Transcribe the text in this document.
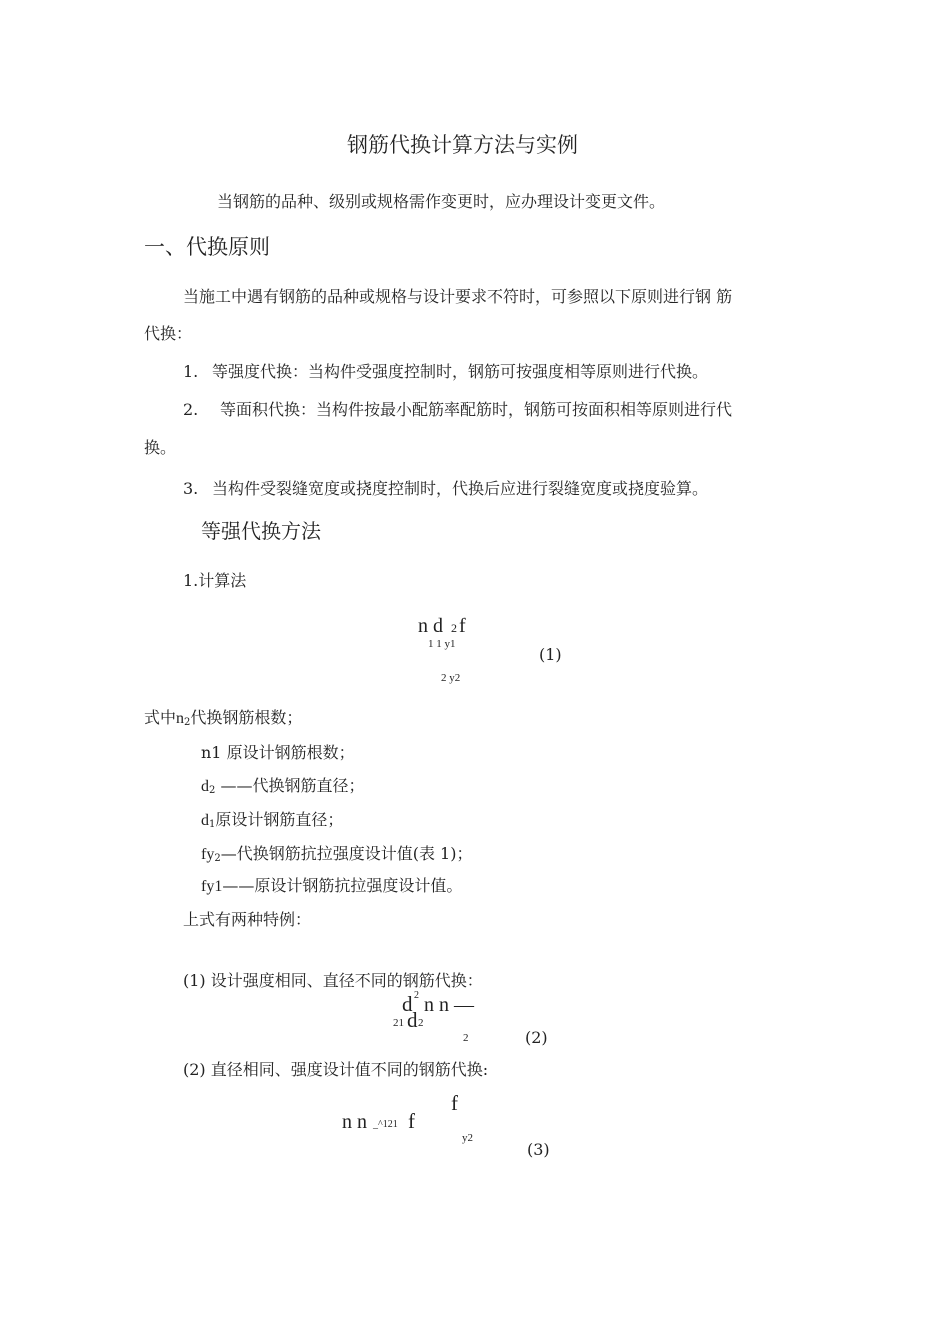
钢筋代换计算方法与实例
当钢筋的品种、级别或规格需作变更时，应办理设计变更文件。
一、代换原则
当施工中遇有钢筋的品种或规格与设计要求不符时，可参照以下原则进行钢 筋
代换：
1. 等强度代换：当构件受强度控制时，钢筋可按强度相等原则进行代换。
2. 等面积代换：当构件按最小配筋率配筋时，钢筋可按面积相等原则进行代
换。
3. 当构件受裂缝宽度或挠度控制时，代换后应进行裂缝宽度或挠度验算。
等强代换方法
1.计算法
n d 2 f
1 1 y1
2 y2
(1)
式中$n_2$代换钢筋根数；
n1 原设计钢筋根数；
$d_2$ ——代换钢筋直径；
$d_1$原设计钢筋直径；
$fy_2—$代换钢筋抗拉强度设计值(表 1)；
fy1——原设计钢筋抗拉强度设计值。
上式有两种特例：
(1) 设计强度相同、直径不同的钢筋代换：
d 2 n n —
21 d 2
2	(2)
(2) 直径相同、强度设计值不同的钢筋代换:
f
n n _^121 f
y2
(3)
